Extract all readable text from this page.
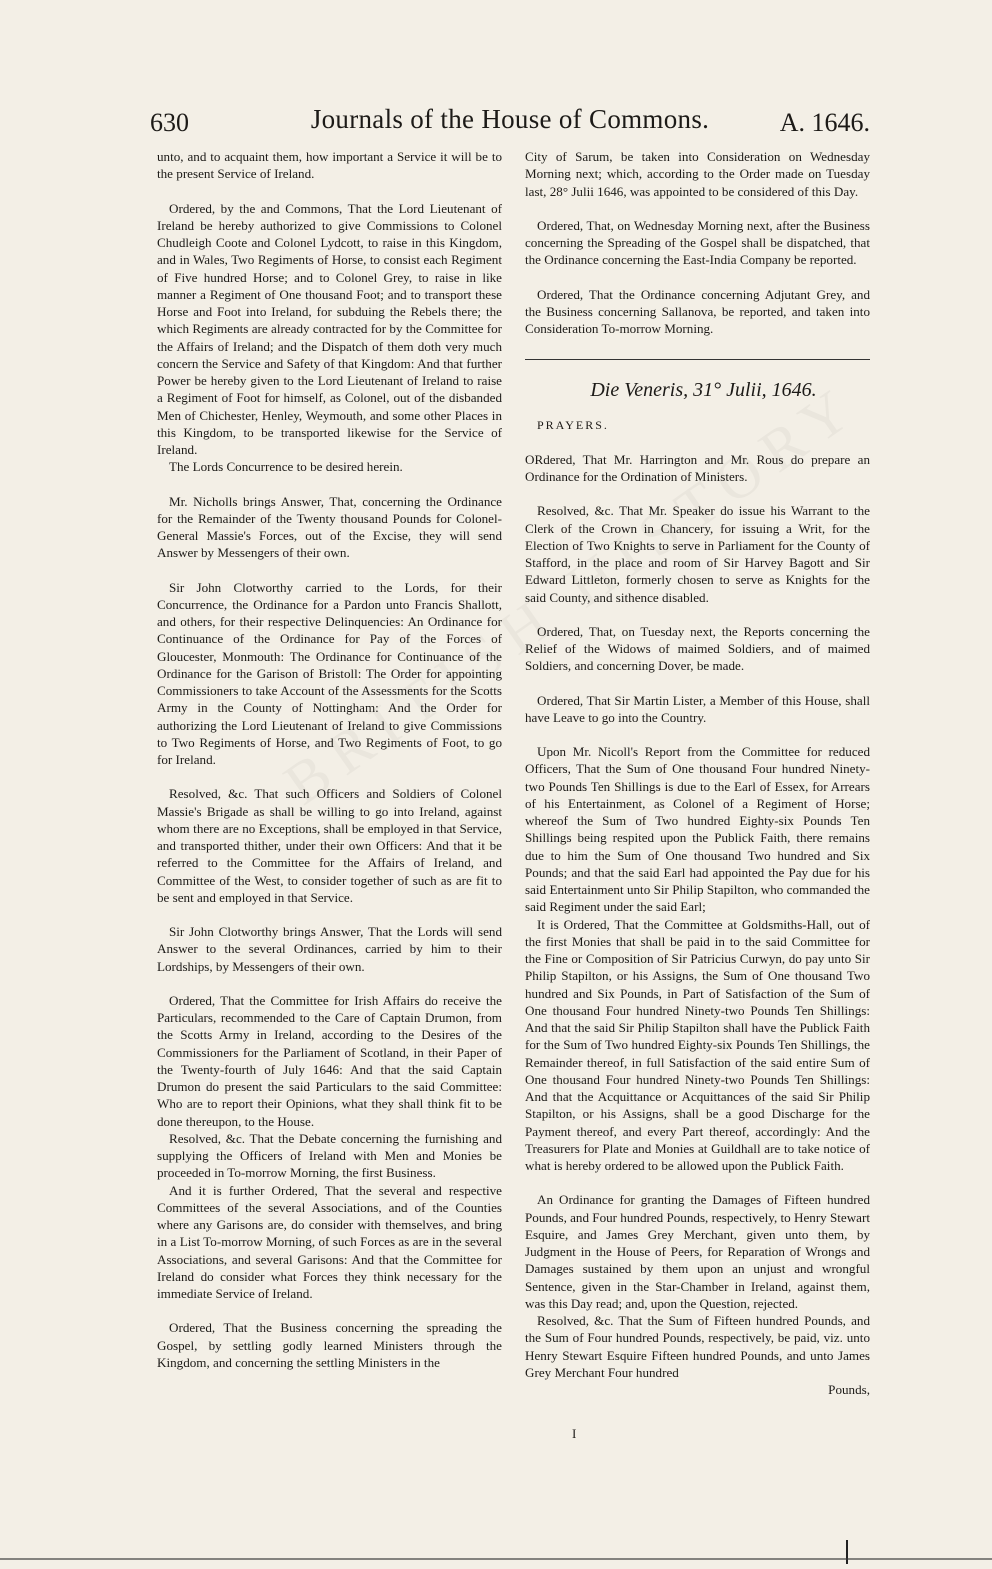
630	Journals of the House of Commons.	A. 1646.

unto, and to acquaint them, how important a Service it will be to the present Service of Ireland.

Ordered, by the and Commons, That the Lord Lieutenant of Ireland be hereby authorized to give Commissions to Colonel Chudleigh Coote and Colonel Lydcott, to raise in this Kingdom, and in Wales, Two Regiments of Horse, to consist each Regiment of Five hundred Horse; and to Colonel Grey, to raise in like manner a Regiment of One thousand Foot; and to transport these Horse and Foot into Ireland, for subduing the Rebels there; the which Regiments are already contracted for by the Committee for the Affairs of Ireland; and the Dispatch of them doth very much concern the Service and Safety of that Kingdom: And that further Power be hereby given to the Lord Lieutenant of Ireland to raise a Regiment of Foot for himself, as Colonel, out of the disbanded Men of Chichester, Henley, Weymouth, and some other Places in this Kingdom, to be transported likewise for the Service of Ireland.

The Lords Concurrence to be desired herein.

Mr. Nicholls brings Answer, That, concerning the Ordinance for the Remainder of the Twenty thousand Pounds for Colonel-General Massie's Forces, out of the Excise, they will send Answer by Messengers of their own.

Sir John Clotworthy carried to the Lords, for their Concurrence, the Ordinance for a Pardon unto Francis Shallott, and others, for their respective Delinquencies: An Ordinance for Continuance of the Ordinance for Pay of the Forces of Gloucester, Monmouth: The Ordinance for Continuance of the Ordinance for the Garison of Bristoll: The Order for appointing Commissioners to take Account of the Assessments for the Scotts Army in the County of Nottingham: And the Order for authorizing the Lord Lieutenant of Ireland to give Commissions to Two Regiments of Horse, and Two Regiments of Foot, to go for Ireland.

Resolved, &c. That such Officers and Soldiers of Colonel Massie's Brigade as shall be willing to go into Ireland, against whom there are no Exceptions, shall be employed in that Service, and transported thither, under their own Officers: And that it be referred to the Committee for the Affairs of Ireland, and Committee of the West, to consider together of such as are fit to be sent and employed in that Service.

Sir John Clotworthy brings Answer, That the Lords will send Answer to the several Ordinances, carried by him to their Lordships, by Messengers of their own.

Ordered, That the Committee for Irish Affairs do receive the Particulars, recommended to the Care of Captain Drumon, from the Scotts Army in Ireland, according to the Desires of the Commissioners for the Parliament of Scotland, in their Paper of the Twenty-fourth of July 1646: And that the said Captain Drumon do present the said Particulars to the said Committee: Who are to report their Opinions, what they shall think fit to be done thereupon, to the House.

Resolved, &c. That the Debate concerning the furnishing and supplying the Officers of Ireland with Men and Monies be proceeded in To-morrow Morning, the first Business.

And it is further Ordered, That the several and respective Committees of the several Associations, and of the Counties where any Garisons are, do consider with themselves, and bring in a List To-morrow Morning, of such Forces as are in the several Associations, and several Garisons: And that the Committee for Ireland do consider what Forces they think necessary for the immediate Service of Ireland.

Ordered, That the Business concerning the spreading the Gospel, by settling godly learned Ministers through the Kingdom, and concerning the settling Ministers in the

City of Sarum, be taken into Consideration on Wednesday Morning next; which, according to the Order made on Tuesday last, 28° Julii 1646, was appointed to be considered of this Day.

Ordered, That, on Wednesday Morning next, after the Business concerning the Spreading of the Gospel shall be dispatched, that the Ordinance concerning the East-India Company be reported.

Ordered, That the Ordinance concerning Adjutant Grey, and the Business concerning Sallanova, be reported, and taken into Consideration To-morrow Morning.

Die Veneris, 31° Julii, 1646.

PRAYERS.

ORdered, That Mr. Harrington and Mr. Rous do prepare an Ordinance for the Ordination of Ministers.

Resolved, &c. That Mr. Speaker do issue his Warrant to the Clerk of the Crown in Chancery, for issuing a Writ, for the Election of Two Knights to serve in Parliament for the County of Stafford, in the place and room of Sir Harvey Bagott and Sir Edward Littleton, formerly chosen to serve as Knights for the said County, and sithence disabled.

Ordered, That, on Tuesday next, the Reports concerning the Relief of the Widows of maimed Soldiers, and of maimed Soldiers, and concerning Dover, be made.

Ordered, That Sir Martin Lister, a Member of this House, shall have Leave to go into the Country.

Upon Mr. Nicoll's Report from the Committee for reduced Officers, That the Sum of One thousand Four hundred Ninety-two Pounds Ten Shillings is due to the Earl of Essex, for Arrears of his Entertainment, as Colonel of a Regiment of Horse; whereof the Sum of Two hundred Eighty-six Pounds Ten Shillings being respited upon the Publick Faith, there remains due to him the Sum of One thousand Two hundred and Six Pounds; and that the said Earl had appointed the Pay due for his said Entertainment unto Sir Philip Stapilton, who commanded the said Regiment under the said Earl;

It is Ordered, That the Committee at Goldsmiths-Hall, out of the first Monies that shall be paid in to the said Committee for the Fine or Composition of Sir Patricius Curwyn, do pay unto Sir Philip Stapilton, or his Assigns, the Sum of One thousand Two hundred and Six Pounds, in Part of Satisfaction of the Sum of One thousand Four hundred Ninety-two Pounds Ten Shillings: And that the said Sir Philip Stapilton shall have the Publick Faith for the Sum of Two hundred Eighty-six Pounds Ten Shillings, the Remainder thereof, in full Satisfaction of the said entire Sum of One thousand Four hundred Ninety-two Pounds Ten Shillings: And that the Acquittance or Acquittances of the said Sir Philip Stapilton, or his Assigns, shall be a good Discharge for the Payment thereof, and every Part thereof, accordingly: And the Treasurers for Plate and Monies at Guildhall are to take notice of what is hereby ordered to be allowed upon the Publick Faith.

An Ordinance for granting the Damages of Fifteen hundred Pounds, and Four hundred Pounds, respectively, to Henry Stewart Esquire, and James Grey Merchant, given unto them, by Judgment in the House of Peers, for Reparation of Wrongs and Damages sustained by them upon an unjust and wrongful Sentence, given in the Star-Chamber in Ireland, against them, was this Day read; and, upon the Question, rejected.

Resolved, &c. That the Sum of Fifteen hundred Pounds, and the Sum of Four hundred Pounds, respectively, be paid, viz. unto Henry Stewart Esquire Fifteen hundred Pounds, and unto James Grey Merchant Four hundred

Pounds,

I
